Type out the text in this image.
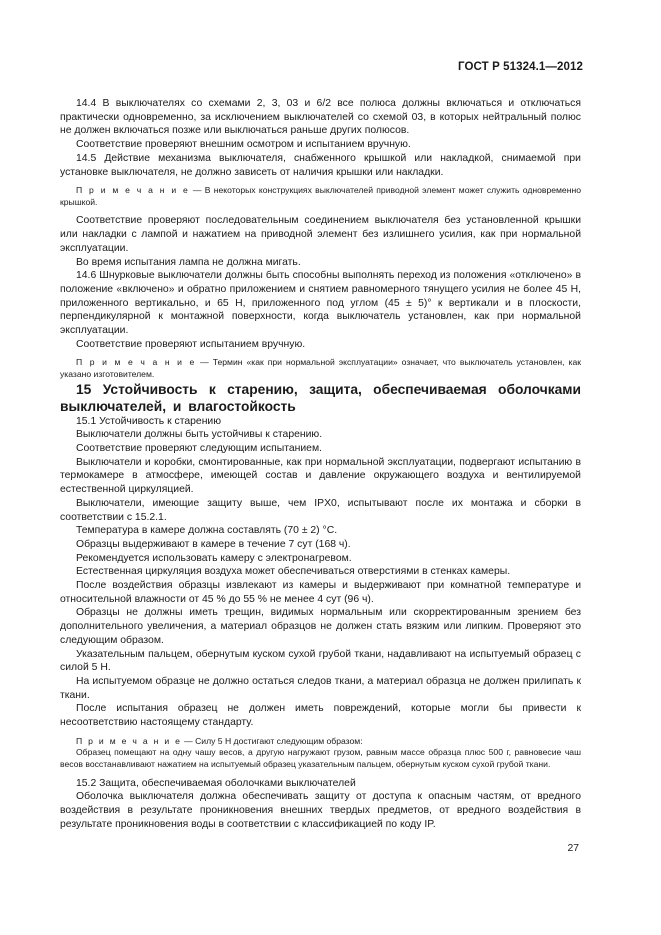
ГОСТ Р 51324.1—2012

14.4 В выключателях со схемами 2, 3, 03 и 6/2 все полюса должны включаться и отключаться практически одновременно, за исключением выключателей со схемой 03, в которых нейтральный полюс не должен включаться позже или выключаться раньше других полюсов.

Соответствие проверяют внешним осмотром и испытанием вручную.

14.5 Действие механизма выключателя, снабженного крышкой или накладкой, снимаемой при установке выключателя, не должно зависеть от наличия крышки или накладки.

П р и м е ч а н и е — В некоторых конструкциях выключателей приводной элемент может служить одновременно крышкой.

Соответствие проверяют последовательным соединением выключателя без установленной крышки или накладки с лампой и нажатием на приводной элемент без излишнего усилия, как при нормальной эксплуатации.

Во время испытания лампа не должна мигать.

14.6 Шнурковые выключатели должны быть способны выполнять переход из положения «отключено» в положение «включено» и обратно приложением и снятием равномерного тянущего усилия не более 45 Н, приложенного вертикально, и 65 Н, приложенного под углом (45 ± 5)° к вертикали и в плоскости, перпендикулярной к монтажной поверхности, когда выключатель установлен, как при нормальной эксплуатации.

Соответствие проверяют испытанием вручную.

П р и м е ч а н и е — Термин «как при нормальной эксплуатации» означает, что выключатель установлен, как указано изготовителем.

15 Устойчивость к старению, защита, обеспечиваемая оболочками выключателей, и влагостойкость

15.1 Устойчивость к старению

Выключатели должны быть устойчивы к старению.

Соответствие проверяют следующим испытанием.

Выключатели и коробки, смонтированные, как при нормальной эксплуатации, подвергают испытанию в термокамере в атмосфере, имеющей состав и давление окружающего воздуха и вентилируемой естественной циркуляцией.

Выключатели, имеющие защиту выше, чем IPX0, испытывают после их монтажа и сборки в соответствии с 15.2.1.

Температура в камере должна составлять (70 ± 2) °С.

Образцы выдерживают в камере в течение 7 сут (168 ч).

Рекомендуется использовать камеру с электронагревом.

Естественная циркуляция воздуха может обеспечиваться отверстиями в стенках камеры.

После воздействия образцы извлекают из камеры и выдерживают при комнатной температуре и относительной влажности от 45 % до 55 % не менее 4 сут (96 ч).

Образцы не должны иметь трещин, видимых нормальным или скорректированным зрением без дополнительного увеличения, а материал образцов не должен стать вязким или липким. Проверяют это следующим образом.

Указательным пальцем, обернутым куском сухой грубой ткани, надавливают на испытуемый образец с силой 5 Н.

На испытуемом образце не должно остаться следов ткани, а материал образца не должен прилипать к ткани.

После испытания образец не должен иметь повреждений, которые могли бы привести к несоответствию настоящему стандарту.

П р и м е ч а н и е — Силу 5 Н достигают следующим образом:

Образец помещают на одну чашу весов, а другую нагружают грузом, равным массе образца плюс 500 г, равновесие чаш весов восстанавливают нажатием на испытуемый образец указательным пальцем, обернутым куском сухой грубой ткани.

15.2 Защита, обеспечиваемая оболочками выключателей

Оболочка выключателя должна обеспечивать защиту от доступа к опасным частям, от вредного воздействия в результате проникновения внешних твердых предметов, от вредного воздействия в результате проникновения воды в соответствии с классификацией по коду IP.

27
